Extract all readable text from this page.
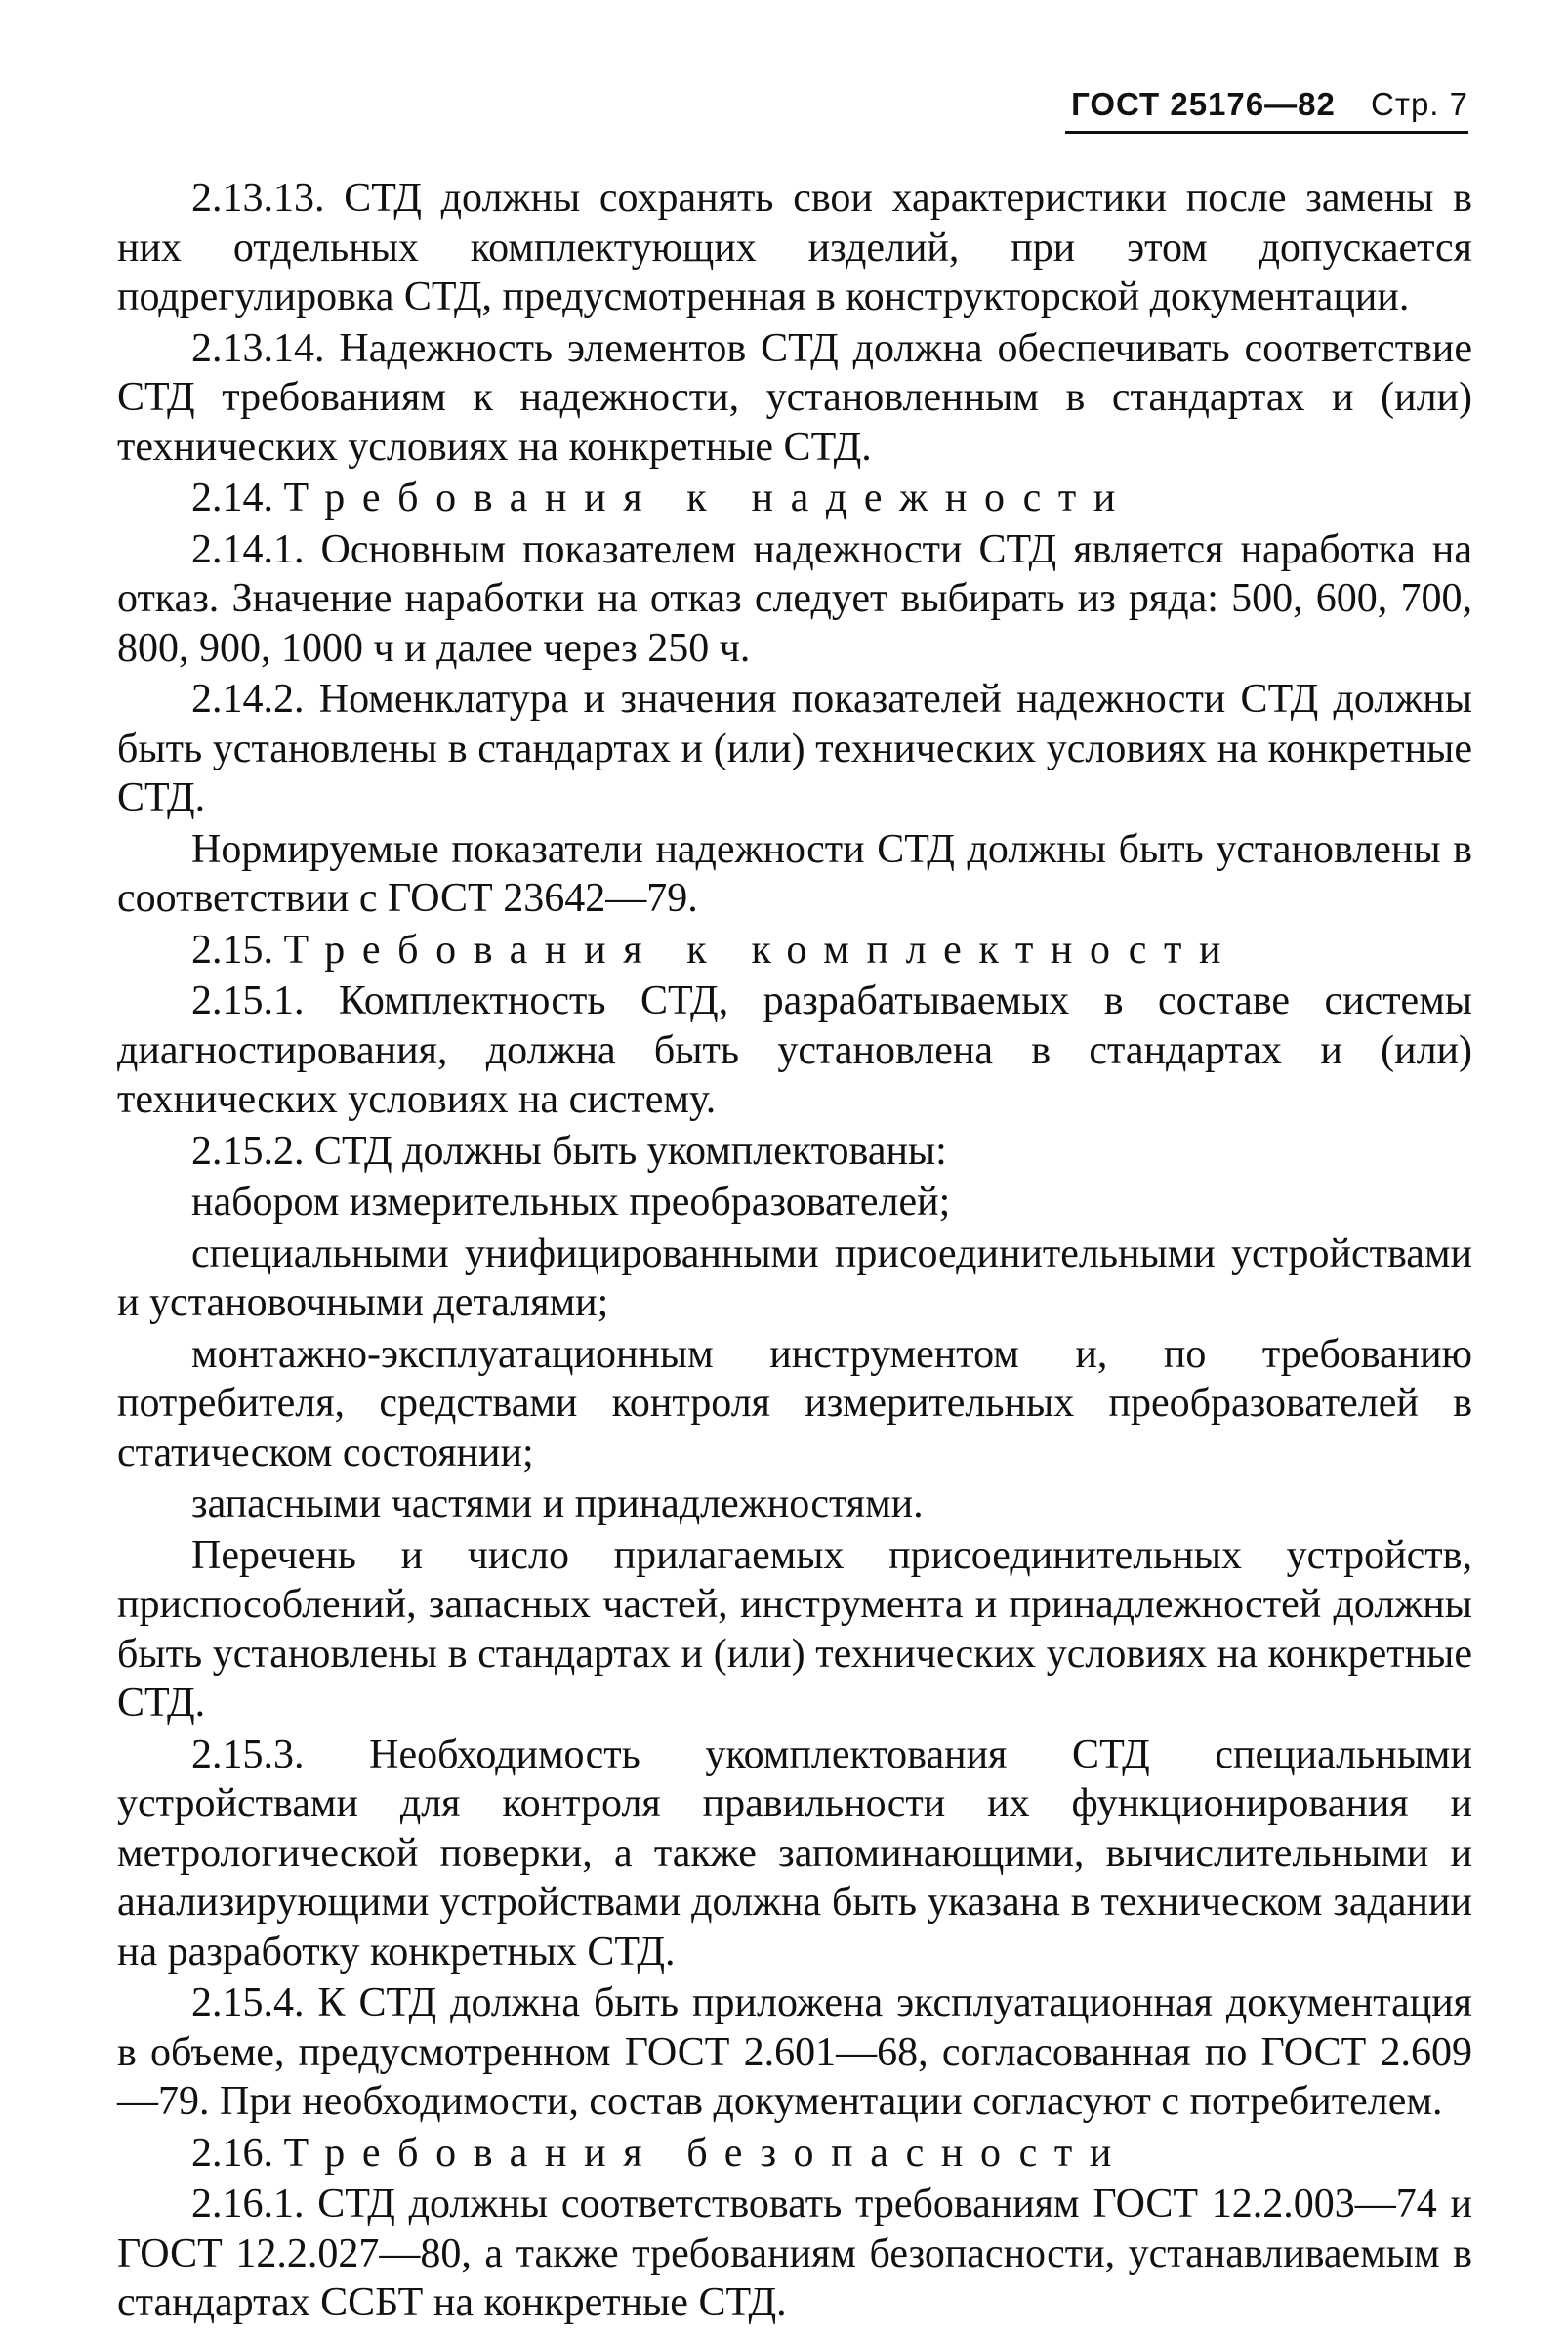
ГОСТ 25176—82 Стр. 7

2.13.13. СТД должны сохранять свои характеристики после замены в них отдельных комплектующих изделий, при этом допускается подрегулировка СТД, предусмотренная в конструкторской документации.

2.13.14. Надежность элементов СТД должна обеспечивать соответствие СТД требованиям к надежности, установленным в стандартах и (или) технических условиях на конкретные СТД.

2.14. Требования к надежности

2.14.1. Основным показателем надежности СТД является наработка на отказ. Значение наработки на отказ следует выбирать из ряда: 500, 600, 700, 800, 900, 1000 ч и далее через 250 ч.

2.14.2. Номенклатура и значения показателей надежности СТД должны быть установлены в стандартах и (или) технических условиях на конкретные СТД.

Нормируемые показатели надежности СТД должны быть установлены в соответствии с ГОСТ 23642—79.

2.15. Требования к комплектности

2.15.1. Комплектность СТД, разрабатываемых в составе системы диагностирования, должна быть установлена в стандартах и (или) технических условиях на систему.

2.15.2. СТД должны быть укомплектованы:

набором измерительных преобразователей;

специальными унифицированными присоединительными устройствами и установочными деталями;

монтажно-эксплуатационным инструментом и, по требованию потребителя, средствами контроля измерительных преобразователей в статическом состоянии;

запасными частями и принадлежностями.

Перечень и число прилагаемых присоединительных устройств, приспособлений, запасных частей, инструмента и принадлежностей должны быть установлены в стандартах и (или) технических условиях на конкретные СТД.

2.15.3. Необходимость укомплектования СТД специальными устройствами для контроля правильности их функционирования и метрологической поверки, а также запоминающими, вычислительными и анализирующими устройствами должна быть указана в техническом задании на разработку конкретных СТД.

2.15.4. К СТД должна быть приложена эксплуатационная документация в объеме, предусмотренном ГОСТ 2.601—68, согласованная по ГОСТ 2.609—79. При необходимости, состав документации согласуют с потребителем.

2.16. Требования безопасности

2.16.1. СТД должны соответствовать требованиям ГОСТ 12.2.003—74 и ГОСТ 12.2.027—80, а также требованиям безопасности, устанавливаемым в стандартах ССБТ на конкретные СТД.
